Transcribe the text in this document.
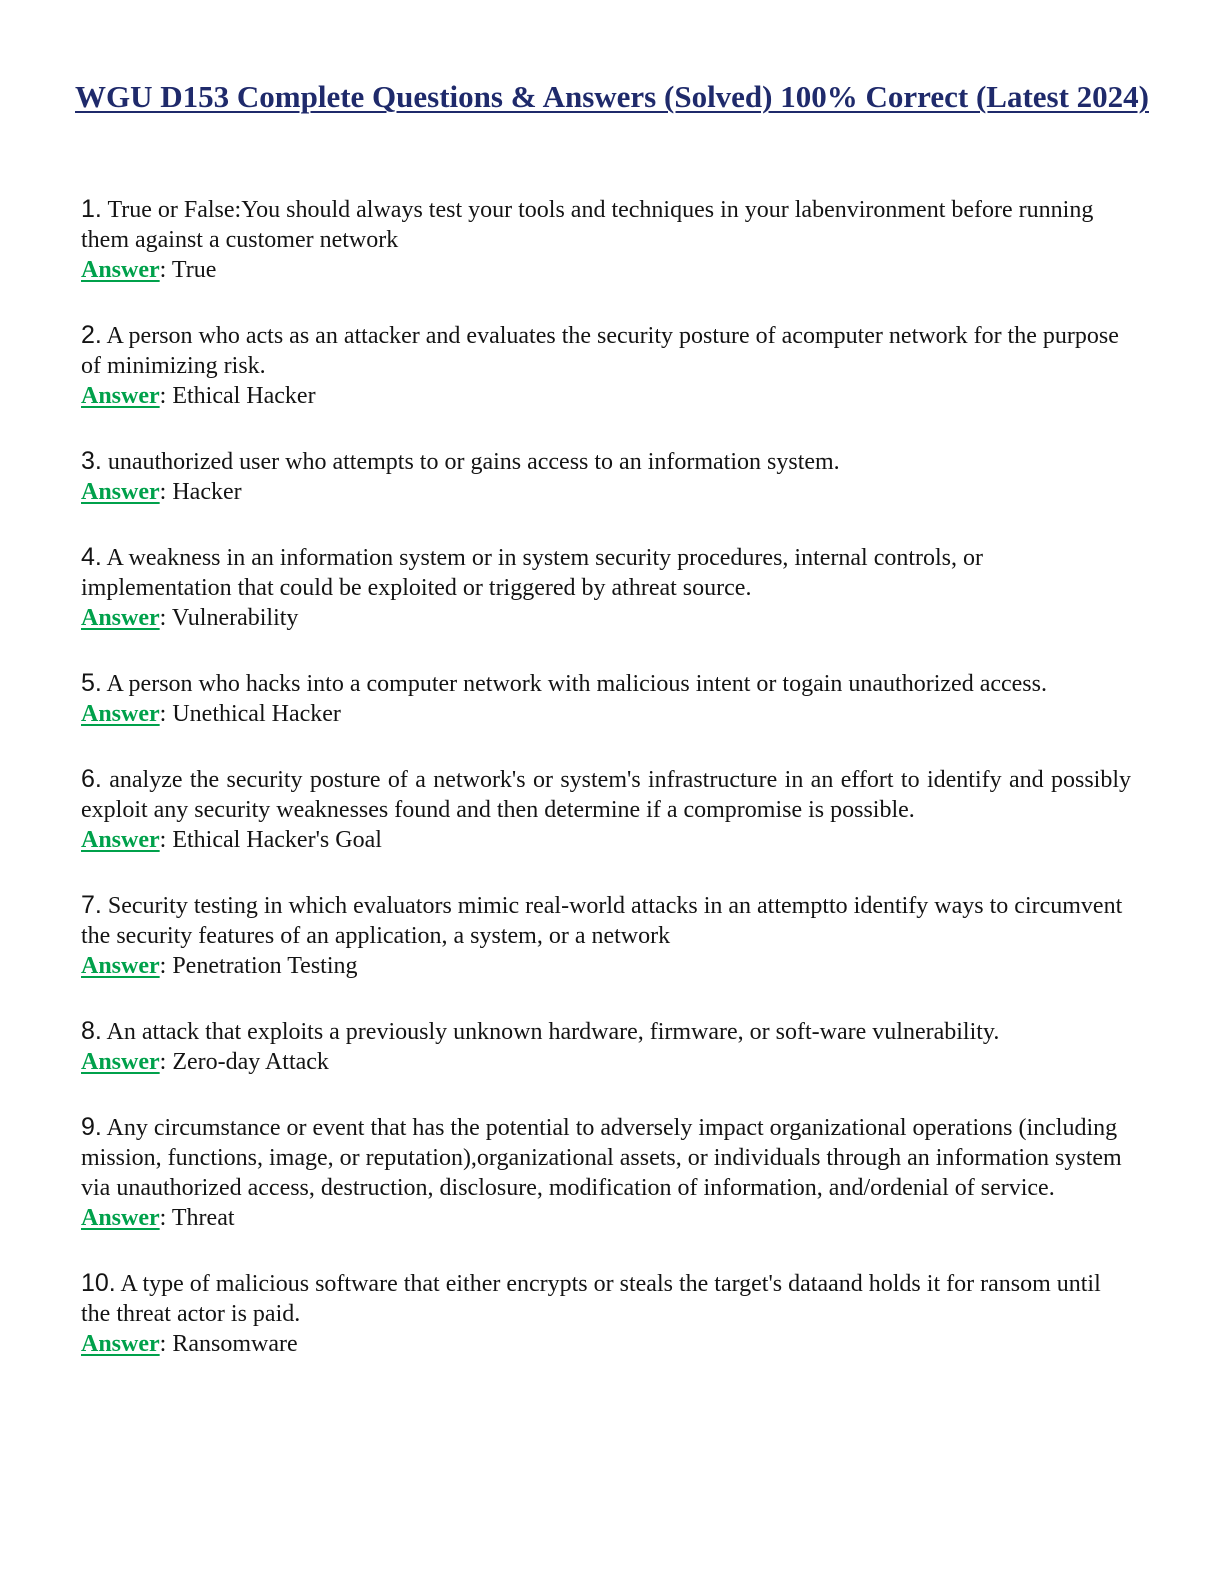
WGU D153 Complete Questions & Answers (Solved) 100% Correct (Latest 2024)

1. True or False:You should always test your tools and techniques in your labenvironment before running them against a customer network

Answer: True

2. A person who acts as an attacker and evaluates the security posture of acomputer network for the purpose of minimizing risk.

Answer: Ethical Hacker

3. unauthorized user who attempts to or gains access to an information system.

Answer: Hacker

4. A weakness in an information system or in system security procedures, internal controls, or implementation that could be exploited or triggered by athreat source.

Answer: Vulnerability

5. A person who hacks into a computer network with malicious intent or togain unauthorized access.

Answer: Unethical Hacker

6. analyze the security posture of a network's or system's infrastructure in an effort to identify and possibly exploit any security weaknesses found and then determine if a compromise is possible.

Answer: Ethical Hacker's Goal

7. Security testing in which evaluators mimic real-world attacks in an attemptto identify ways to circumvent the security features of an application, a system, or a network

Answer: Penetration Testing

8. An attack that exploits a previously unknown hardware, firmware, or soft-ware vulnerability.

Answer: Zero-day Attack

9. Any circumstance or event that has the potential to adversely impact organizational operations (including mission, functions, image, or reputation),organizational assets, or individuals through an information system via unauthorized access, destruction, disclosure, modification of information, and/ordenial of service.

Answer: Threat

10. A type of malicious software that either encrypts or steals the target's dataand holds it for ransom until the threat actor is paid.

Answer: Ransomware
